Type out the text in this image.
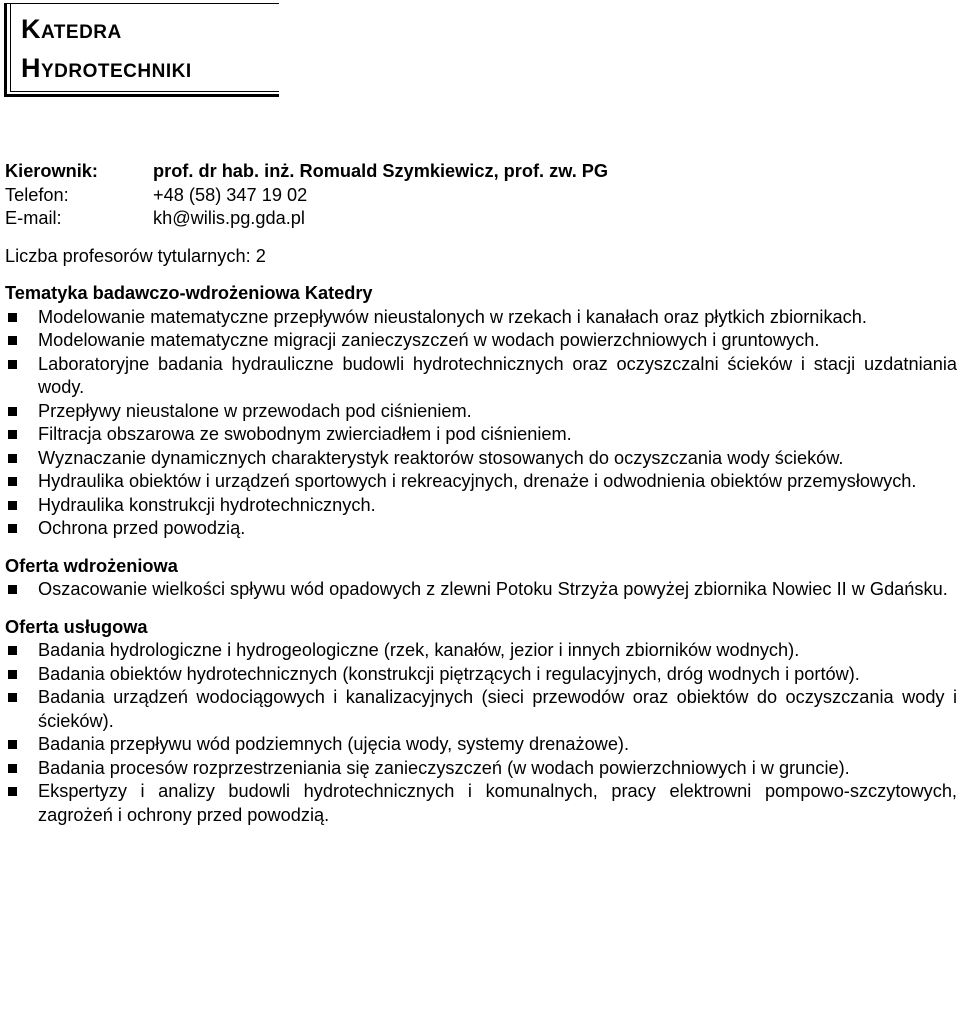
Katedra
Hydrotechniki
Kierownik:	prof. dr hab. inż. Romuald Szymkiewicz, prof. zw. PG
Telefon:	+48 (58) 347 19 02
E-mail:	kh@wilis.pg.gda.pl
Liczba profesorów tytularnych: 2
Tematyka badawczo-wdrożeniowa Katedry
Modelowanie matematyczne przepływów nieustalonych w rzekach i kanałach oraz płytkich zbiornikach.
Modelowanie matematyczne migracji zanieczyszczeń w wodach powierzchniowych i gruntowych.
Laboratoryjne badania hydrauliczne budowli hydrotechnicznych oraz oczyszczalni ścieków i stacji uzdatniania wody.
Przepływy nieustalone w przewodach pod ciśnieniem.
Filtracja obszarowa ze swobodnym zwierciadłem i pod ciśnieniem.
Wyznaczanie dynamicznych charakterystyk reaktorów stosowanych do oczyszczania wody ścieków.
Hydraulika obiektów i urządzeń sportowych i rekreacyjnych, drenaże i odwodnienia obiektów przemysłowych.
Hydraulika konstrukcji hydrotechnicznych.
Ochrona przed powodzią.
Oferta wdrożeniowa
Oszacowanie wielkości spływu wód opadowych z zlewni Potoku Strzyża powyżej zbiornika Nowiec II w Gdańsku.
Oferta usługowa
Badania hydrologiczne i hydrogeologiczne (rzek, kanałów, jezior i innych zbiorników wodnych).
Badania obiektów hydrotechnicznych (konstrukcji piętrzących i regulacyjnych, dróg wodnych i portów).
Badania urządzeń wodociągowych i kanalizacyjnych (sieci przewodów oraz obiektów do oczyszczania wody i ścieków).
Badania przepływu wód podziemnych (ujęcia wody, systemy drenażowe).
Badania procesów rozprzestrzeniania się zanieczyszczeń (w wodach powierzchniowych i w gruncie).
Ekspertyzy i analizy budowli hydrotechnicznych i komunalnych, pracy elektrowni pompowo-szczytowych, zagrożeń i ochrony przed powodzią.
